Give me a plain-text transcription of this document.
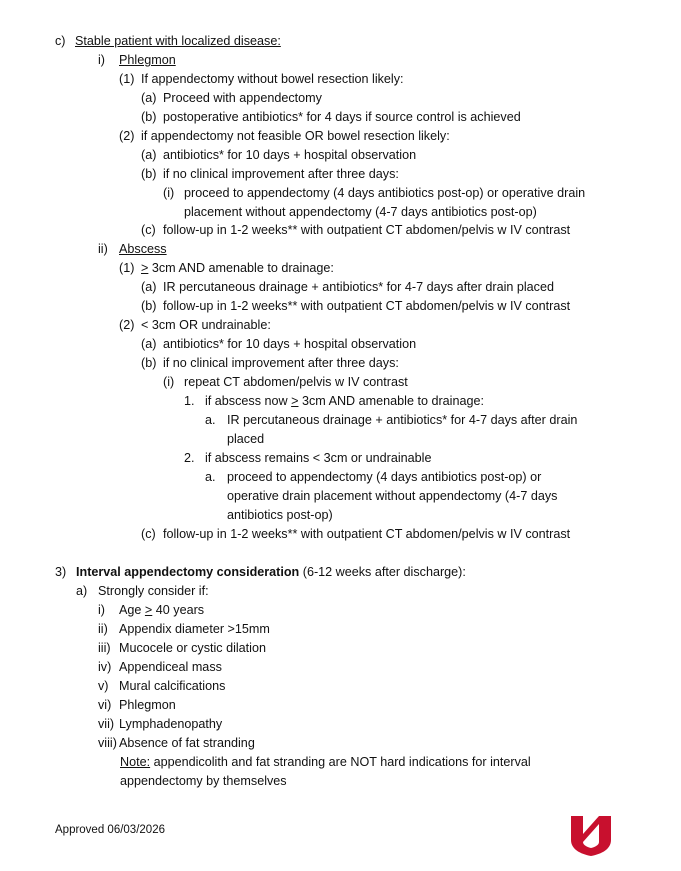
c) Stable patient with localized disease:
i) Phlegmon
(1) If appendectomy without bowel resection likely:
(a) Proceed with appendectomy
(b) postoperative antibiotics* for 4 days if source control is achieved
(2) if appendectomy not feasible OR bowel resection likely:
(a) antibiotics* for 10 days + hospital observation
(b) if no clinical improvement after three days:
(i) proceed to appendectomy (4 days antibiotics post-op) or operative drain
placement without appendectomy (4-7 days antibiotics post-op)
(c) follow-up in 1-2 weeks** with outpatient CT abdomen/pelvis w IV contrast
ii) Abscess
(1) > 3cm AND amenable to drainage:
(a) IR percutaneous drainage + antibiotics* for 4-7 days after drain placed
(b) follow-up in 1-2 weeks** with outpatient CT abdomen/pelvis w IV contrast
(2) < 3cm OR undrainable:
(a) antibiotics* for 10 days + hospital observation
(b) if no clinical improvement after three days:
(i) repeat CT abdomen/pelvis w IV contrast
1. if abscess now > 3cm AND amenable to drainage:
a. IR percutaneous drainage + antibiotics* for 4-7 days after drain
placed
2. if abscess remains < 3cm or undrainable
a. proceed to appendectomy (4 days antibiotics post-op) or
operative drain placement without appendectomy (4-7 days
antibiotics post-op)
(c) follow-up in 1-2 weeks** with outpatient CT abdomen/pelvis w IV contrast
3) Interval appendectomy consideration (6-12 weeks after discharge):
a) Strongly consider if:
i) Age > 40 years
ii) Appendix diameter >15mm
iii) Mucocele or cystic dilation
iv) Appendiceal mass
v) Mural calcifications
vi) Phlegmon
vii) Lymphadenopathy
viii) Absence of fat stranding
Note: appendicolith and fat stranding are NOT hard indications for interval
appendectomy by themselves
Approved 06/03/2026
